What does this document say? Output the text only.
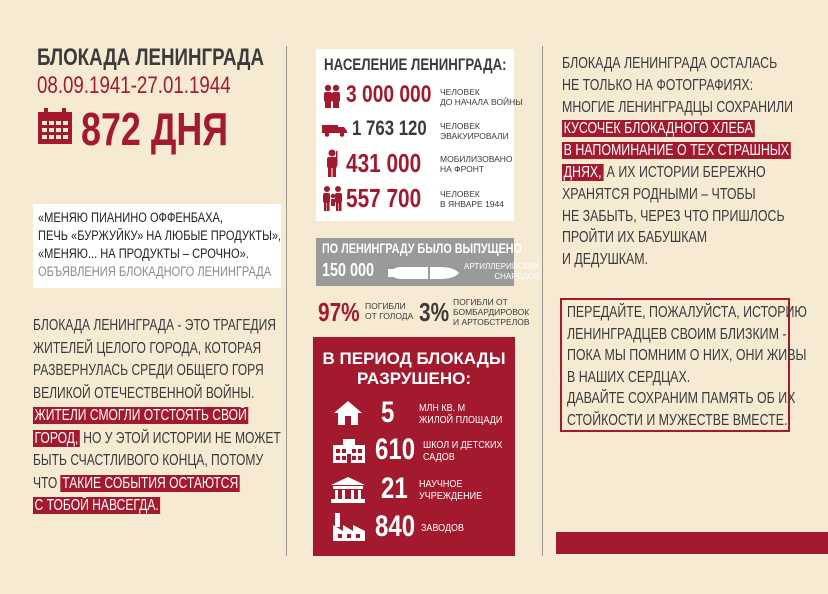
БЛОКАДА ЛЕНИНГРАДА
08.09.1941-27.01.1944
872 ДНЯ
«МЕНЯЮ ПИАНИНО ОФФЕНБАХА,
ПЕЧЬ «БУРЖУЙКУ» НА ЛЮБЫЕ ПРОДУКТЫ»,
«МЕНЯЮ... НА ПРОДУКТЫ – СРОЧНО».
ОБЪЯВЛЕНИЯ БЛОКАДНОГО ЛЕНИНГРАДА
БЛОКАДА ЛЕНИНГРАДА - ЭТО ТРАГЕДИЯ
ЖИТЕЛЕЙ ЦЕЛОГО ГОРОДА, КОТОРАЯ
РАЗВЕРНУЛАСЬ СРЕДИ ОБЩЕГО ГОРЯ
ВЕЛИКОЙ ОТЕЧЕСТВЕННОЙ ВОЙНЫ.
ЖИТЕЛИ СМОГЛИ ОТСТОЯТЬ СВОЙ
ГОРОД, НО У ЭТОЙ ИСТОРИИ НЕ МОЖЕТ
БЫТЬ СЧАСТЛИВОГО КОНЦА, ПОТОМУ
ЧТО ТАКИЕ СОБЫТИЯ ОСТАЮТСЯ
С ТОБОЙ НАВСЕГДА.
НАСЕЛЕНИЕ ЛЕНИНГРАДА:
3 000 000 ЧЕЛОВЕК
ДО НАЧАЛА ВОЙНЫ
1 763 120 ЧЕЛОВЕК
ЭВАКУИРОВАЛИ
431 000 МОБИЛИЗОВАНО
НА ФРОНТ
557 700 ЧЕЛОВЕК
В ЯНВАРЕ 1944
ПО ЛЕНИНГРАДУ БЫЛО ВЫПУЩЕНО
150 000	АРТИЛЛЕРИЙСКИХ
СНАРЯДОВ
97% ПОГИБЛИ
ОТ ГОЛОДА 3% ПОГИБЛИ ОТ
БОМБАРДИРОВОК
И АРТОБСТРЕЛОВ
В ПЕРИОД БЛОКАДЫ
РАЗРУШЕНО:
5 МЛН КВ. М
ЖИЛОЙ ПЛОЩАДИ
610 ШКОЛ И ДЕТСКИХ
САДОВ
21 НАУЧНОЕ
УЧРЕЖДЕНИЕ
840 ЗАВОДОВ
БЛОКАДА ЛЕНИНГРАДА ОСТАЛАСЬ
НЕ ТОЛЬКО НА ФОТОГРАФИЯХ:
МНОГИЕ ЛЕНИНГРАДЦЫ СОХРАНИЛИ
КУСОЧЕК БЛОКАДНОГО ХЛЕБА
В НАПОМИНАНИЕ О ТЕХ СТРАШНЫХ
ДНЯХ, А ИХ ИСТОРИИ БЕРЕЖНО
ХРАНЯТСЯ РОДНЫМИ – ЧТОБЫ
НЕ ЗАБЫТЬ, ЧЕРЕЗ ЧТО ПРИШЛОСЬ
ПРОЙТИ ИХ БАБУШКАМ
И ДЕДУШКАМ.
ПЕРЕДАЙТЕ, ПОЖАЛУЙСТА, ИСТОРИЮ
ЛЕНИНГРАДЦЕВ СВОИМ БЛИЗКИМ -
ПОКА МЫ ПОМНИМ О НИХ, ОНИ ЖИВЫ
В НАШИХ СЕРДЦАХ.
ДАВАЙТЕ СОХРАНИМ ПАМЯТЬ ОБ ИХ
СТОЙКОСТИ И МУЖЕСТВЕ ВМЕСТЕ.
